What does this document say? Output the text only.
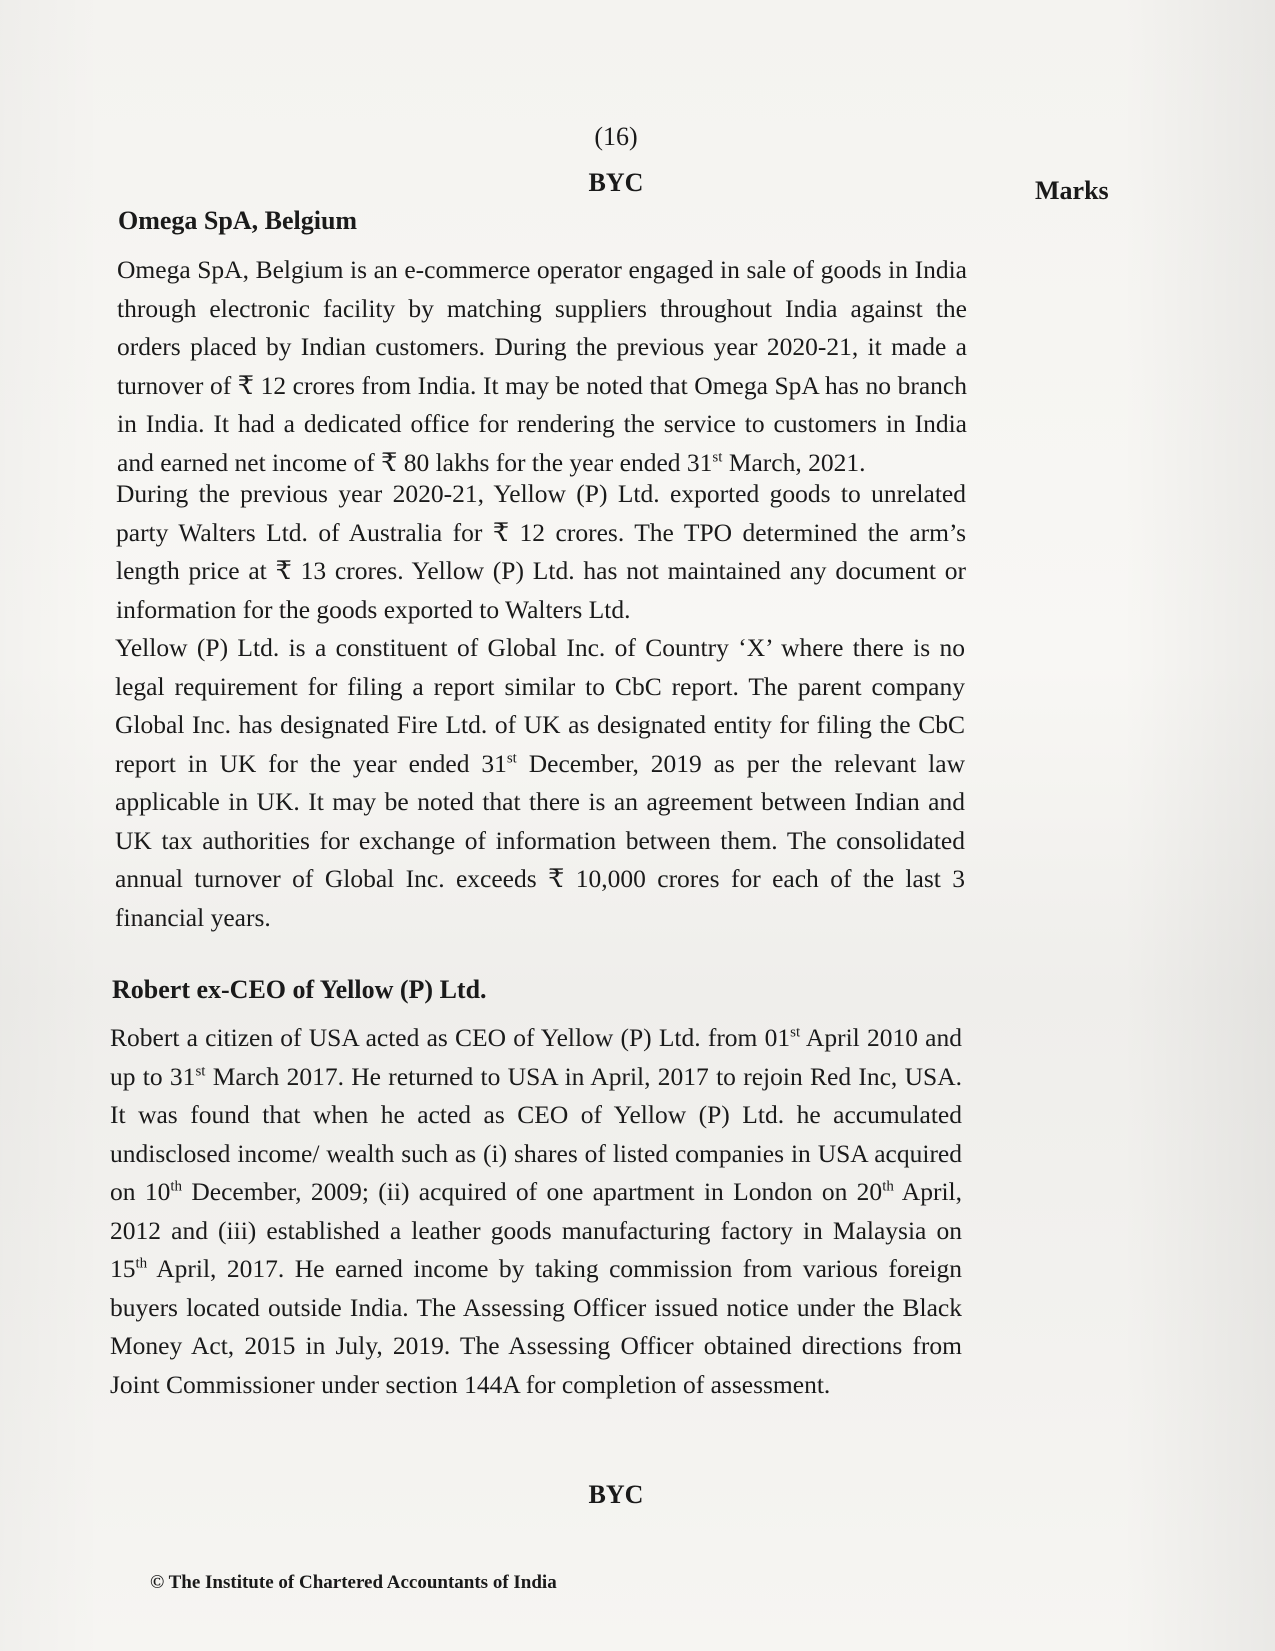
(16)
BYC	Marks
Omega SpA, Belgium
Omega SpA, Belgium is an e-commerce operator engaged in sale of goods in India through electronic facility by matching suppliers throughout India against the orders placed by Indian customers. During the previous year 2020-21, it made a turnover of ₹ 12 crores from India. It may be noted that Omega SpA has no branch in India. It had a dedicated office for rendering the service to customers in India and earned net income of ₹ 80 lakhs for the year ended 31st March, 2021.
During the previous year 2020-21, Yellow (P) Ltd. exported goods to unrelated party Walters Ltd. of Australia for ₹ 12 crores. The TPO determined the arm’s length price at ₹ 13 crores. Yellow (P) Ltd. has not maintained any document or information for the goods exported to Walters Ltd.
Yellow (P) Ltd. is a constituent of Global Inc. of Country ‘X’ where there is no legal requirement for filing a report similar to CbC report. The parent company Global Inc. has designated Fire Ltd. of UK as designated entity for filing the CbC report in UK for the year ended 31st December, 2019 as per the relevant law applicable in UK. It may be noted that there is an agreement between Indian and UK tax authorities for exchange of information between them. The consolidated annual turnover of Global Inc. exceeds ₹ 10,000 crores for each of the last 3 financial years.
Robert ex-CEO of Yellow (P) Ltd.
Robert a citizen of USA acted as CEO of Yellow (P) Ltd. from 01st April 2010 and up to 31st March 2017. He returned to USA in April, 2017 to rejoin Red Inc, USA. It was found that when he acted as CEO of Yellow (P) Ltd. he accumulated undisclosed income/ wealth such as (i) shares of listed companies in USA acquired on 10th December, 2009; (ii) acquired of one apartment in London on 20th April, 2012 and (iii) established a leather goods manufacturing factory in Malaysia on 15th April, 2017. He earned income by taking commission from various foreign buyers located outside India. The Assessing Officer issued notice under the Black Money Act, 2015 in July, 2019. The Assessing Officer obtained directions from Joint Commissioner under section 144A for completion of assessment.
BYC
© The Institute of Chartered Accountants of India
